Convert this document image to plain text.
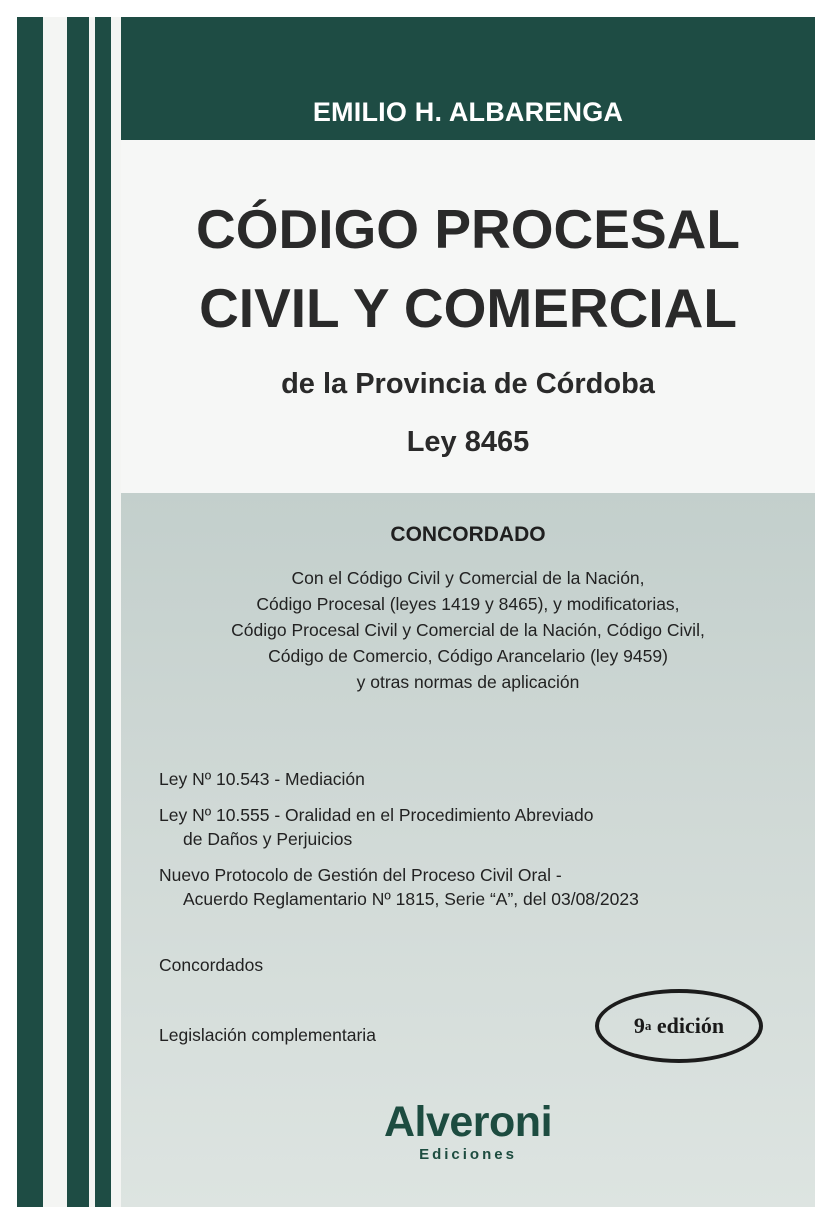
EMILIO H. ALBARENGA
CÓDIGO PROCESAL
CIVIL Y COMERCIAL
de la Provincia de Córdoba
Ley 8465
CONCORDADO
Con el Código Civil y Comercial de la Nación,
Código Procesal (leyes 1419 y 8465), y modificatorias,
Código Procesal Civil y Comercial de la Nación, Código Civil,
Código de Comercio, Código Arancelario (ley 9459)
y otras normas de aplicación
Ley Nº 10.543 - Mediación
Ley Nº 10.555 - Oralidad en el Procedimiento Abreviado
de Daños y Perjuicios
Nuevo Protocolo de Gestión del Proceso Civil Oral -
Acuerdo Reglamentario Nº 1815, Serie “A”, del 03/08/2023
Concordados
Legislación complementaria	9 a
edición
Alveroni
Ediciones
